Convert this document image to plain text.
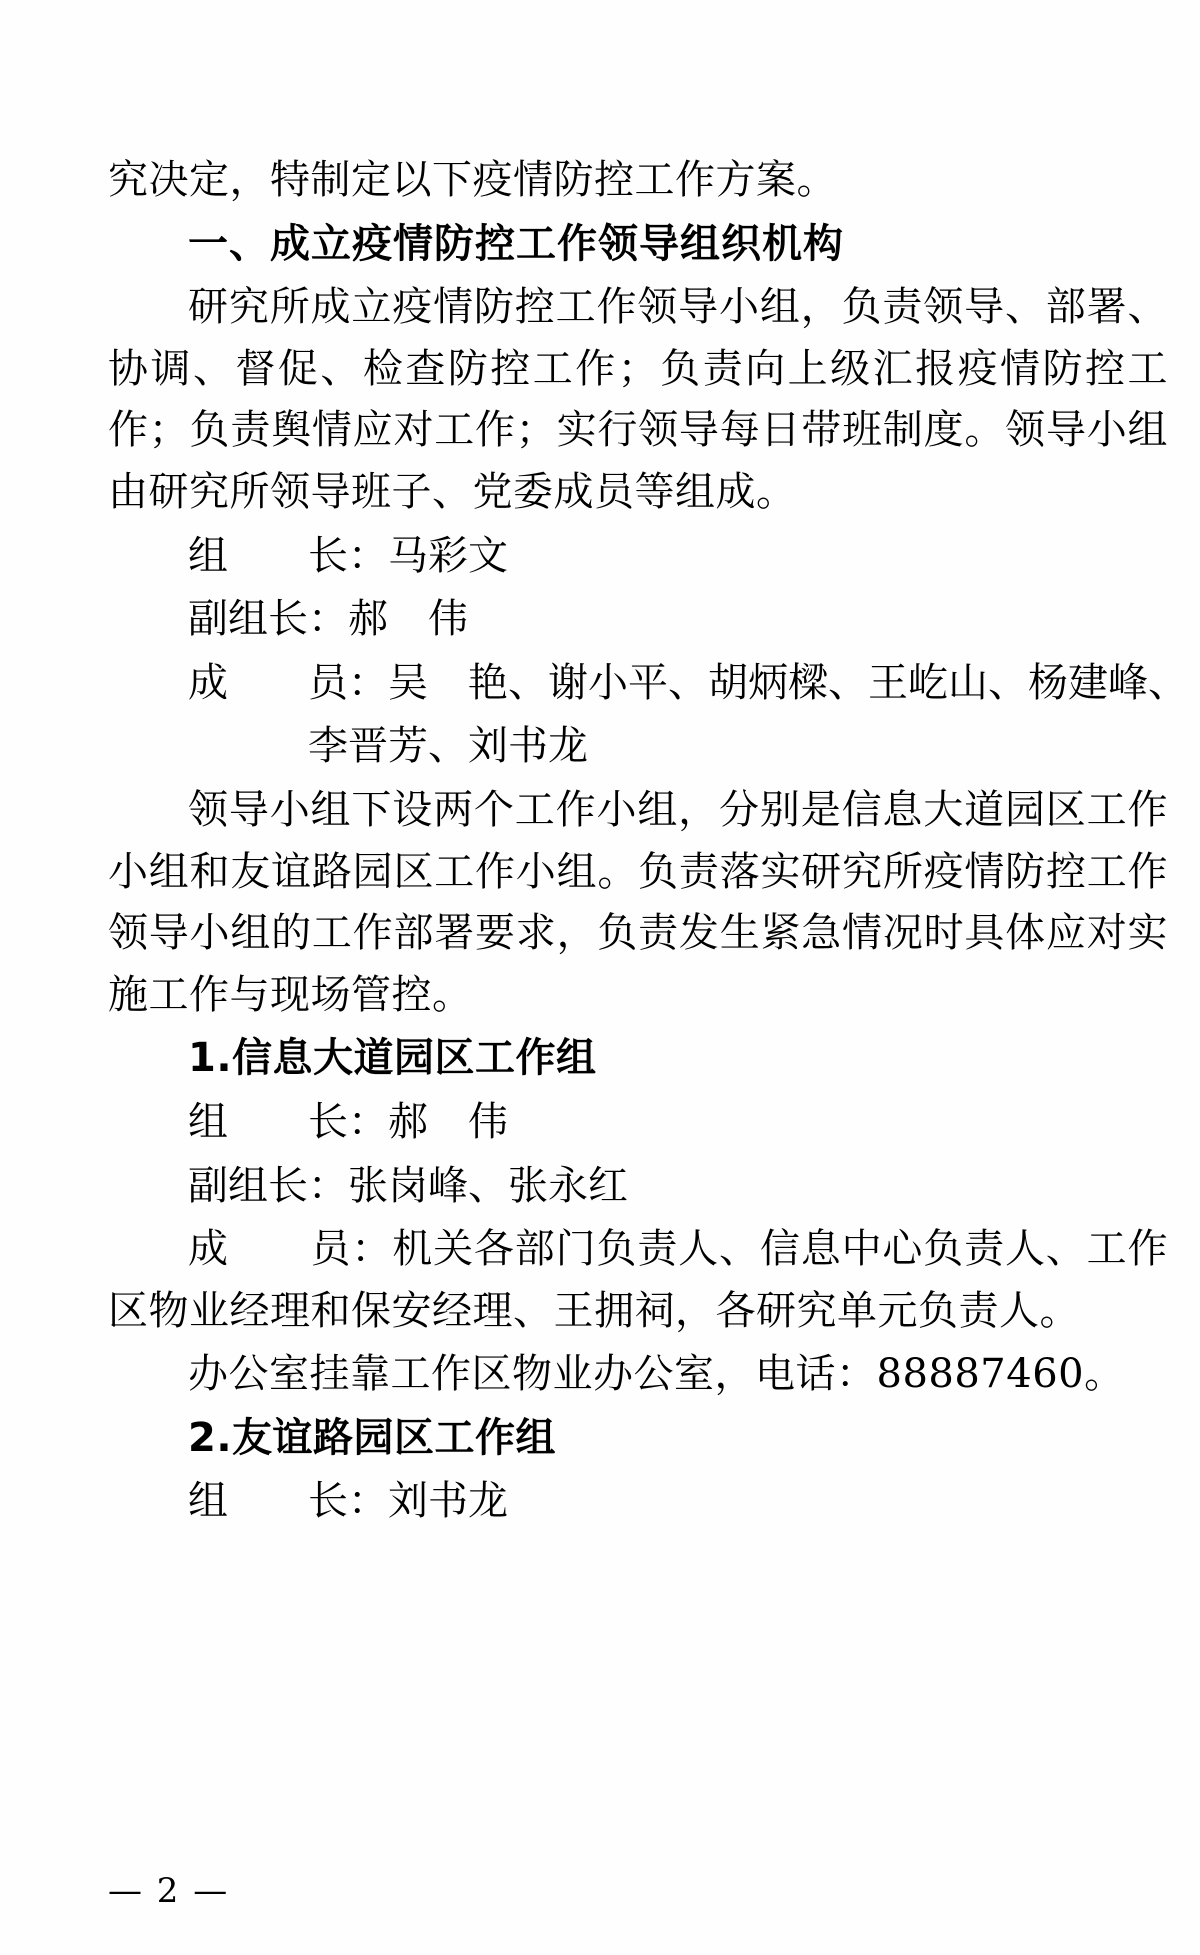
究决定，特制定以下疫情防控工作方案。

一、成立疫情防控工作领导组织机构

研究所成立疫情防控工作领导小组，负责领导、部署、协调、督促、检查防控工作；负责向上级汇报疫情防控工作；负责舆情应对工作；实行领导每日带班制度。领导小组由研究所领导班子、党委成员等组成。

组　　长：马彩文

副组长：郝　伟

成　　员：吴　艳、谢小平、胡炳樑、王屹山、杨建峰、

李晋芳、刘书龙

领导小组下设两个工作小组，分别是信息大道园区工作小组和友谊路园区工作小组。负责落实研究所疫情防控工作领导小组的工作部署要求，负责发生紧急情况时具体应对实施工作与现场管控。

1.信息大道园区工作组

组　　长：郝　伟

副组长：张岗峰、张永红

成　　员：机关各部门负责人、信息中心负责人、工作区物业经理和保安经理、王拥祠，各研究单元负责人。

办公室挂靠工作区物业办公室，电话：88887460。

2.友谊路园区工作组

组　　长：刘书龙

— 2 —
